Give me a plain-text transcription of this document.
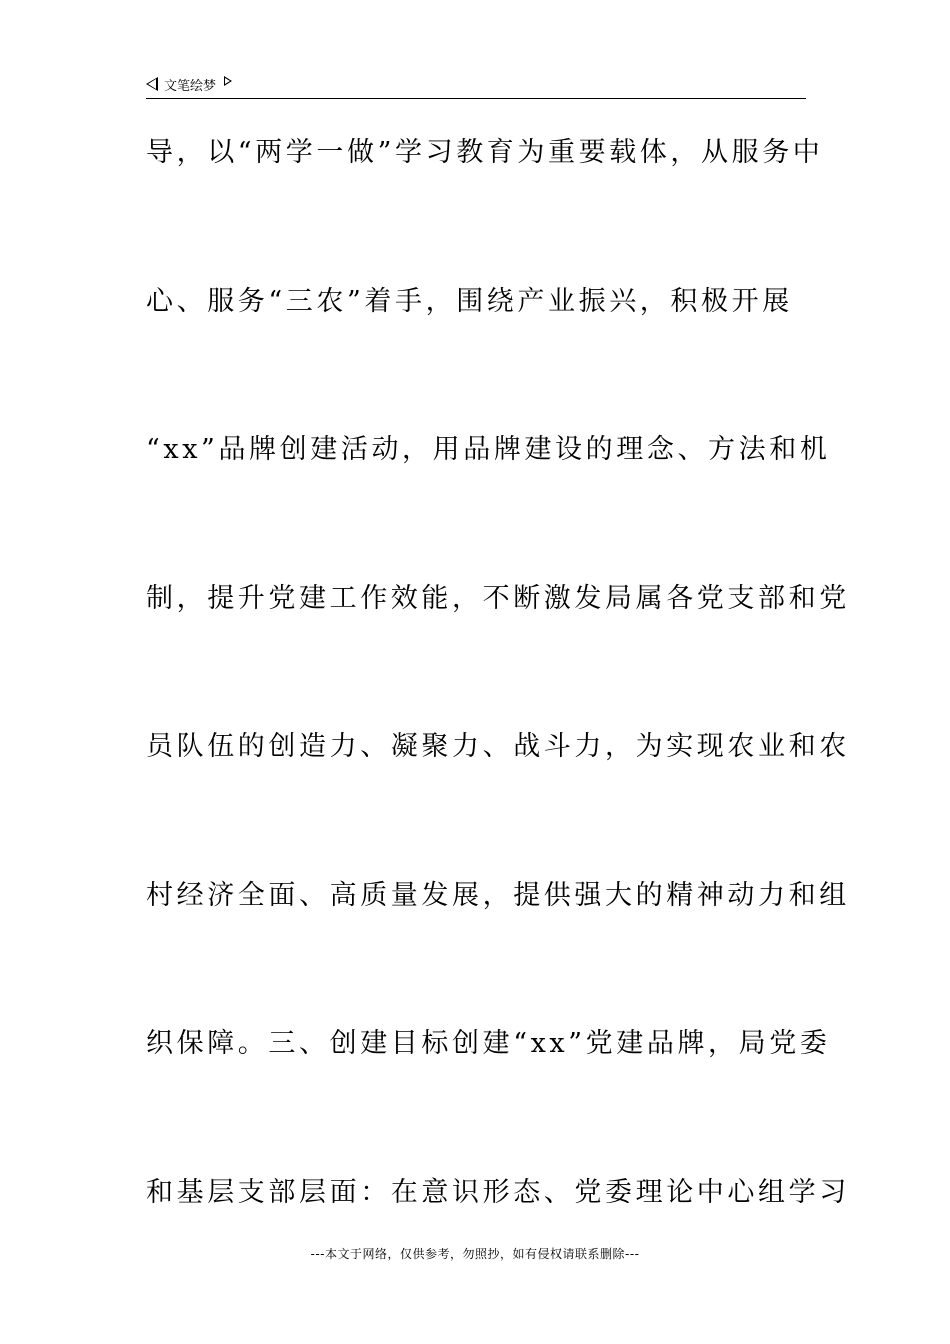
文笔绘梦
导，以“两学一做”学习教育为重要载体，从服务中
心、服务“三农”着手，围绕产业振兴，积极开展
“xx”品牌创建活动，用品牌建设的理念、方法和机
制，提升党建工作效能，不断激发局属各党支部和党
员队伍的创造力、凝聚力、战斗力，为实现农业和农
村经济全面、高质量发展，提供强大的精神动力和组
织保障。三、创建目标创建“xx”党建品牌，局党委
和基层支部层面：在意识形态、党委理论中心组学习
---本文于网络，仅供参考，勿照抄，如有侵权请联系删除---
